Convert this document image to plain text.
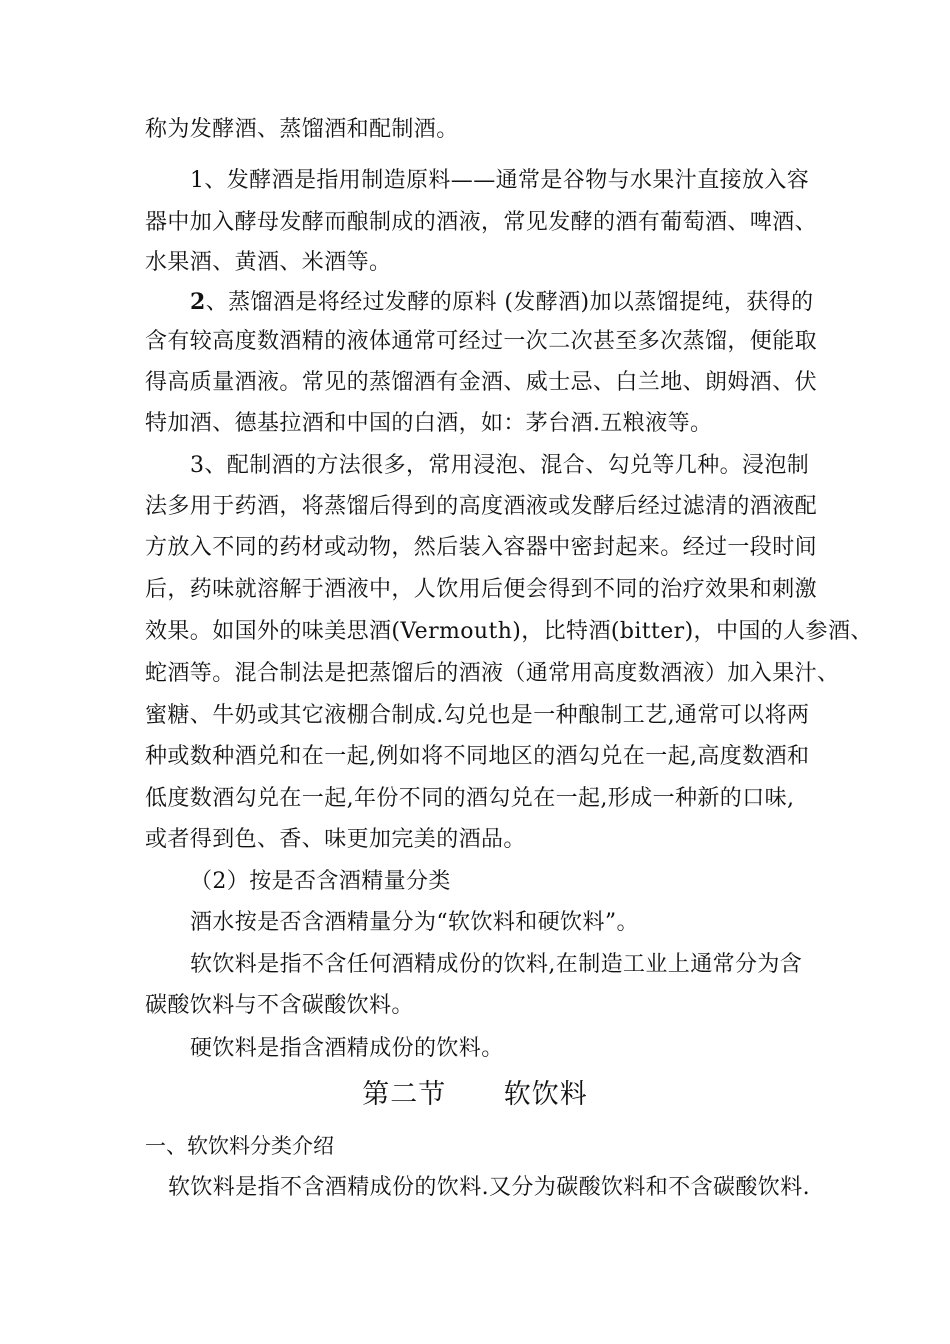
称为发酵酒、蒸馏酒和配制酒。
1、发酵酒是指用制造原料——通常是谷物与水果汁直接放入容
器中加入酵母发酵而酿制成的酒液，常见发酵的酒有葡萄酒、啤酒、
水果酒、黄酒、米酒等。
2、蒸馏酒是将经过发酵的原料 (发酵酒)加以蒸馏提纯，获得的
含有较高度数酒精的液体通常可经过一次二次甚至多次蒸馏，便能取
得高质量酒液。常见的蒸馏酒有金酒、威士忌、白兰地、朗姆酒、伏
特加酒、德基拉酒和中国的白酒，如：茅台酒.五粮液等。
3、配制酒的方法很多，常用浸泡、混合、勾兑等几种。浸泡制
法多用于药酒，将蒸馏后得到的高度酒液或发酵后经过滤清的酒液配
方放入不同的药材或动物，然后装入容器中密封起来。经过一段时间
后，药味就溶解于酒液中，人饮用后便会得到不同的治疗效果和刺激
效果。如国外的味美思酒(Vermouth)，比特酒(bitter)，中国的人参酒、
蛇酒等。混合制法是把蒸馏后的酒液（通常用高度数酒液）加入果汁、
蜜糖、牛奶或其它液棚合制成.勾兑也是一种酿制工艺,通常可以将两
种或数种酒兑和在一起,例如将不同地区的酒勾兑在一起,高度数酒和
低度数酒勾兑在一起,年份不同的酒勾兑在一起,形成一种新的口味,
或者得到色、香、味更加完美的酒品。
（2）按是否含酒精量分类
酒水按是否含酒精量分为“软饮料和硬饮料”。
软饮料是指不含任何酒精成份的饮料,在制造工业上通常分为含
碳酸饮料与不含碳酸饮料。
硬饮料是指含酒精成份的饮料。
第二节      软饮料
一、软饮料分类介绍
软饮料是指不含酒精成份的饮料.又分为碳酸饮料和不含碳酸饮料.
